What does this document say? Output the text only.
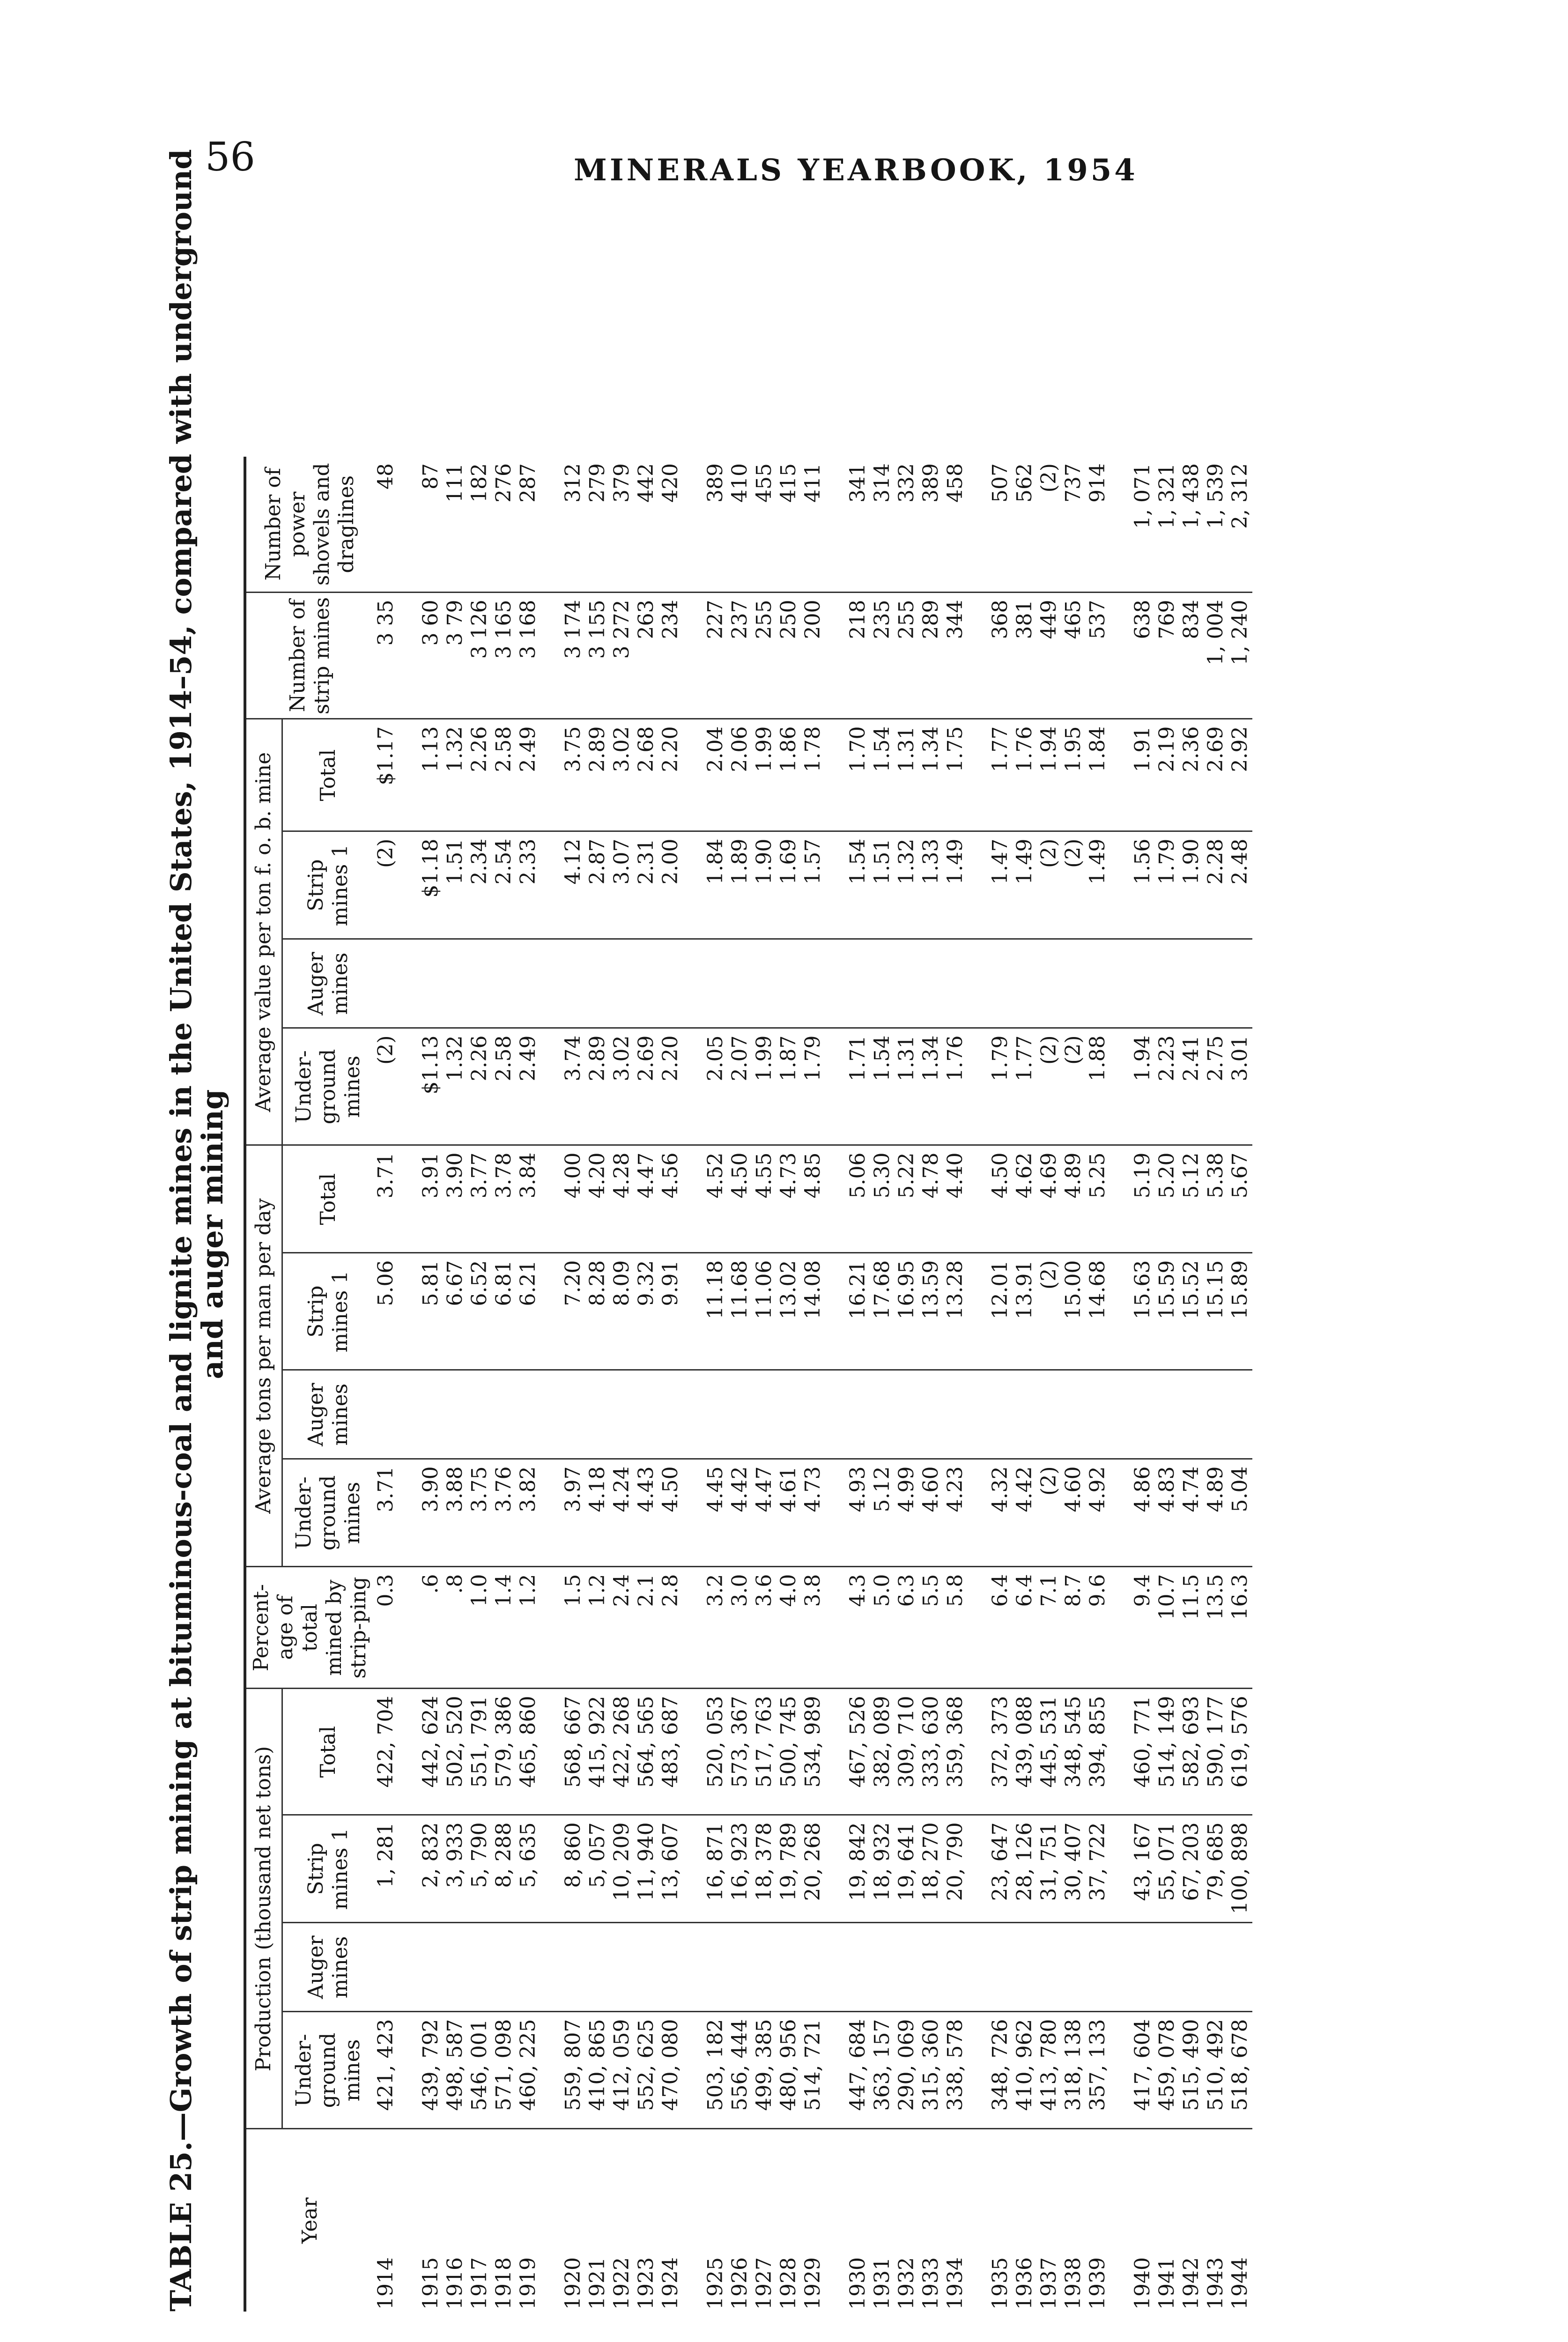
56	MINERALS YEARBOOK, 1954
TABLE 25.—Growth of strip mining at bituminous-coal and lignite mines in the United States, 1914–54, compared with underground
and auger mining
Year	Production (thousand net tons)				Percent-age of total mined by strip-ping	Average tons per man per day				Average value per ton f. o. b. mine				Number of strip mines	Number of power shovels and draglines
	Under-ground mines	Auger mines	Strip mines 1	Total		Under-ground mines	Auger mines	Strip mines 1	Total	Under-ground mines	Auger mines	Strip mines 1	Total		
1914	421, 423		1, 281	422, 704	0.3	3.71		5.06	3.71	(2)		(2)	$1.17	3 35	48

1915	439, 792		2, 832	442, 624	.6	3.90		5.81	3.91	$1.13		$1.18	1.13	3 60	87
1916	498, 587		3, 933	502, 520	.8	3.88		6.67	3.90	1.32		1.51	1.32	3 79	111
1917	546, 001		5, 790	551, 791	1.0	3.75		6.52	3.77	2.26		2.34	2.26	3 126	182
1918	571, 098		8, 288	579, 386	1.4	3.76		6.81	3.78	2.58		2.54	2.58	3 165	276
1919	460, 225		5, 635	465, 860	1.2	3.82		6.21	3.84	2.49		2.33	2.49	3 168	287

1920	559, 807		8, 860	568, 667	1.5	3.97		7.20	4.00	3.74		4.12	3.75	3 174	312
1921	410, 865		5, 057	415, 922	1.2	4.18		8.28	4.20	2.89		2.87	2.89	3 155	279
1922	412, 059		10, 209	422, 268	2.4	4.24		8.09	4.28	3.02		3.07	3.02	3 272	379
1923	552, 625		11, 940	564, 565	2.1	4.43		9.32	4.47	2.69		2.31	2.68	263	442
1924	470, 080		13, 607	483, 687	2.8	4.50		9.91	4.56	2.20		2.00	2.20	234	420

1925	503, 182		16, 871	520, 053	3.2	4.45		11.18	4.52	2.05		1.84	2.04	227	389
1926	556, 444		16, 923	573, 367	3.0	4.42		11.68	4.50	2.07		1.89	2.06	237	410
1927	499, 385		18, 378	517, 763	3.6	4.47		11.06	4.55	1.99		1.90	1.99	255	455
1928	480, 956		19, 789	500, 745	4.0	4.61		13.02	4.73	1.87		1.69	1.86	250	415
1929	514, 721		20, 268	534, 989	3.8	4.73		14.08	4.85	1.79		1.57	1.78	200	411

1930	447, 684		19, 842	467, 526	4.3	4.93		16.21	5.06	1.71		1.54	1.70	218	341
1931	363, 157		18, 932	382, 089	5.0	5.12		17.68	5.30	1.54		1.51	1.54	235	314
1932	290, 069		19, 641	309, 710	6.3	4.99		16.95	5.22	1.31		1.32	1.31	255	332
1933	315, 360		18, 270	333, 630	5.5	4.60		13.59	4.78	1.34		1.33	1.34	289	389
1934	338, 578		20, 790	359, 368	5.8	4.23		13.28	4.40	1.76		1.49	1.75	344	458

1935	348, 726		23, 647	372, 373	6.4	4.32		12.01	4.50	1.79		1.47	1.77	368	507
1936	410, 962		28, 126	439, 088	6.4	4.42		13.91	4.62	1.77		1.49	1.76	381	562
1937	413, 780		31, 751	445, 531	7.1	(2)		(2)	4.69	(2)		(2)	1.94	449	(2)
1938	318, 138		30, 407	348, 545	8.7	4.60		15.00	4.89	(2)		(2)	1.95	465	737
1939	357, 133		37, 722	394, 855	9.6	4.92		14.68	5.25	1.88		1.49	1.84	537	914

1940	417, 604		43, 167	460, 771	9.4	4.86		15.63	5.19	1.94		1.56	1.91	638	1, 071
1941	459, 078		55, 071	514, 149	10.7	4.83		15.59	5.20	2.23		1.79	2.19	769	1, 321
1942	515, 490		67, 203	582, 693	11.5	4.74		15.52	5.12	2.41		1.90	2.36	834	1, 438
1943	510, 492		79, 685	590, 177	13.5	4.89		15.15	5.38	2.75		2.28	2.69	1, 004	1, 539
1944	518, 678		100, 898	619, 576	16.3	5.04		15.89	5.67	3.01		2.48	2.92	1, 240	2, 312
